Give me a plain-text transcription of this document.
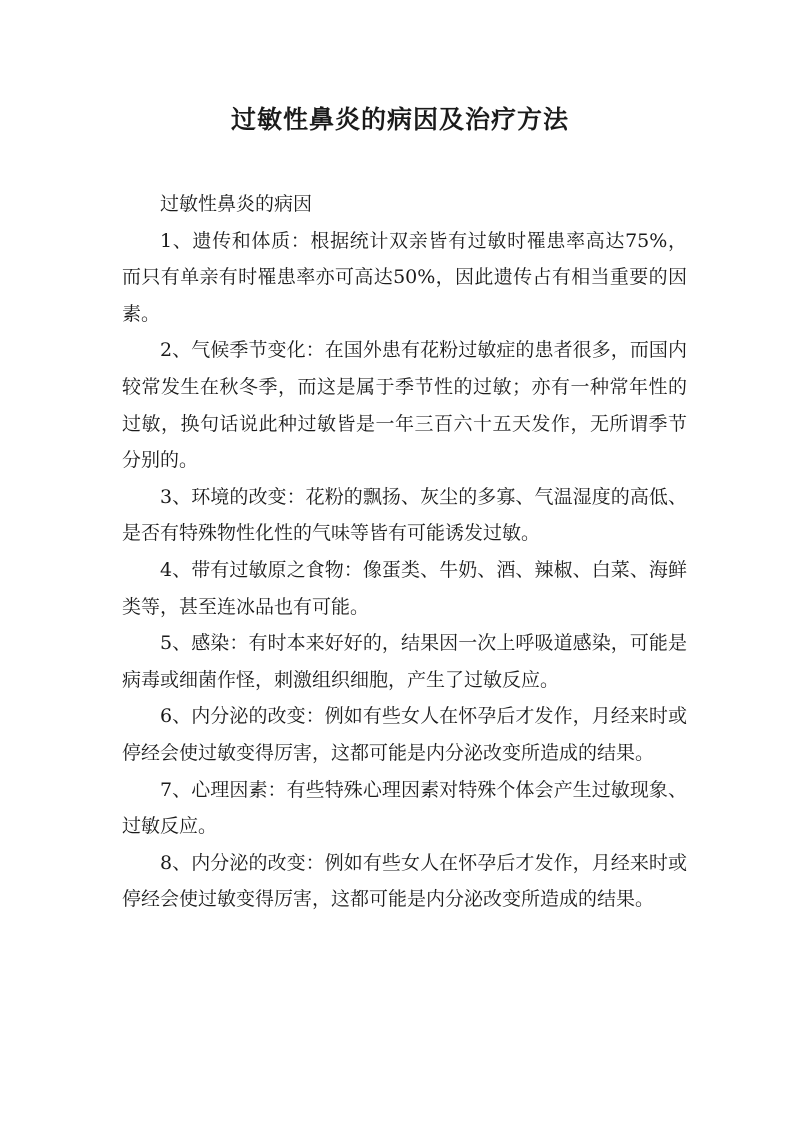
过敏性鼻炎的病因及治疗方法

过敏性鼻炎的病因

1、遗传和体质：根据统计双亲皆有过敏时罹患率高达75%，而只有单亲有时罹患率亦可高达50%，因此遗传占有相当重要的因素。

2、气候季节变化：在国外患有花粉过敏症的患者很多，而国内较常发生在秋冬季，而这是属于季节性的过敏；亦有一种常年性的过敏，换句话说此种过敏皆是一年三百六十五天发作，无所谓季节分别的。

3、环境的改变：花粉的飘扬、灰尘的多寡、气温湿度的高低、是否有特殊物性化性的气味等皆有可能诱发过敏。

4、带有过敏原之食物：像蛋类、牛奶、酒、辣椒、白菜、海鲜类等，甚至连冰品也有可能。

5、感染：有时本来好好的，结果因一次上呼吸道感染，可能是病毒或细菌作怪，刺激组织细胞，产生了过敏反应。

6、内分泌的改变：例如有些女人在怀孕后才发作，月经来时或停经会使过敏变得厉害，这都可能是内分泌改变所造成的结果。

7、心理因素：有些特殊心理因素对特殊个体会产生过敏现象、过敏反应。

8、内分泌的改变：例如有些女人在怀孕后才发作，月经来时或停经会使过敏变得厉害，这都可能是内分泌改变所造成的结果。
